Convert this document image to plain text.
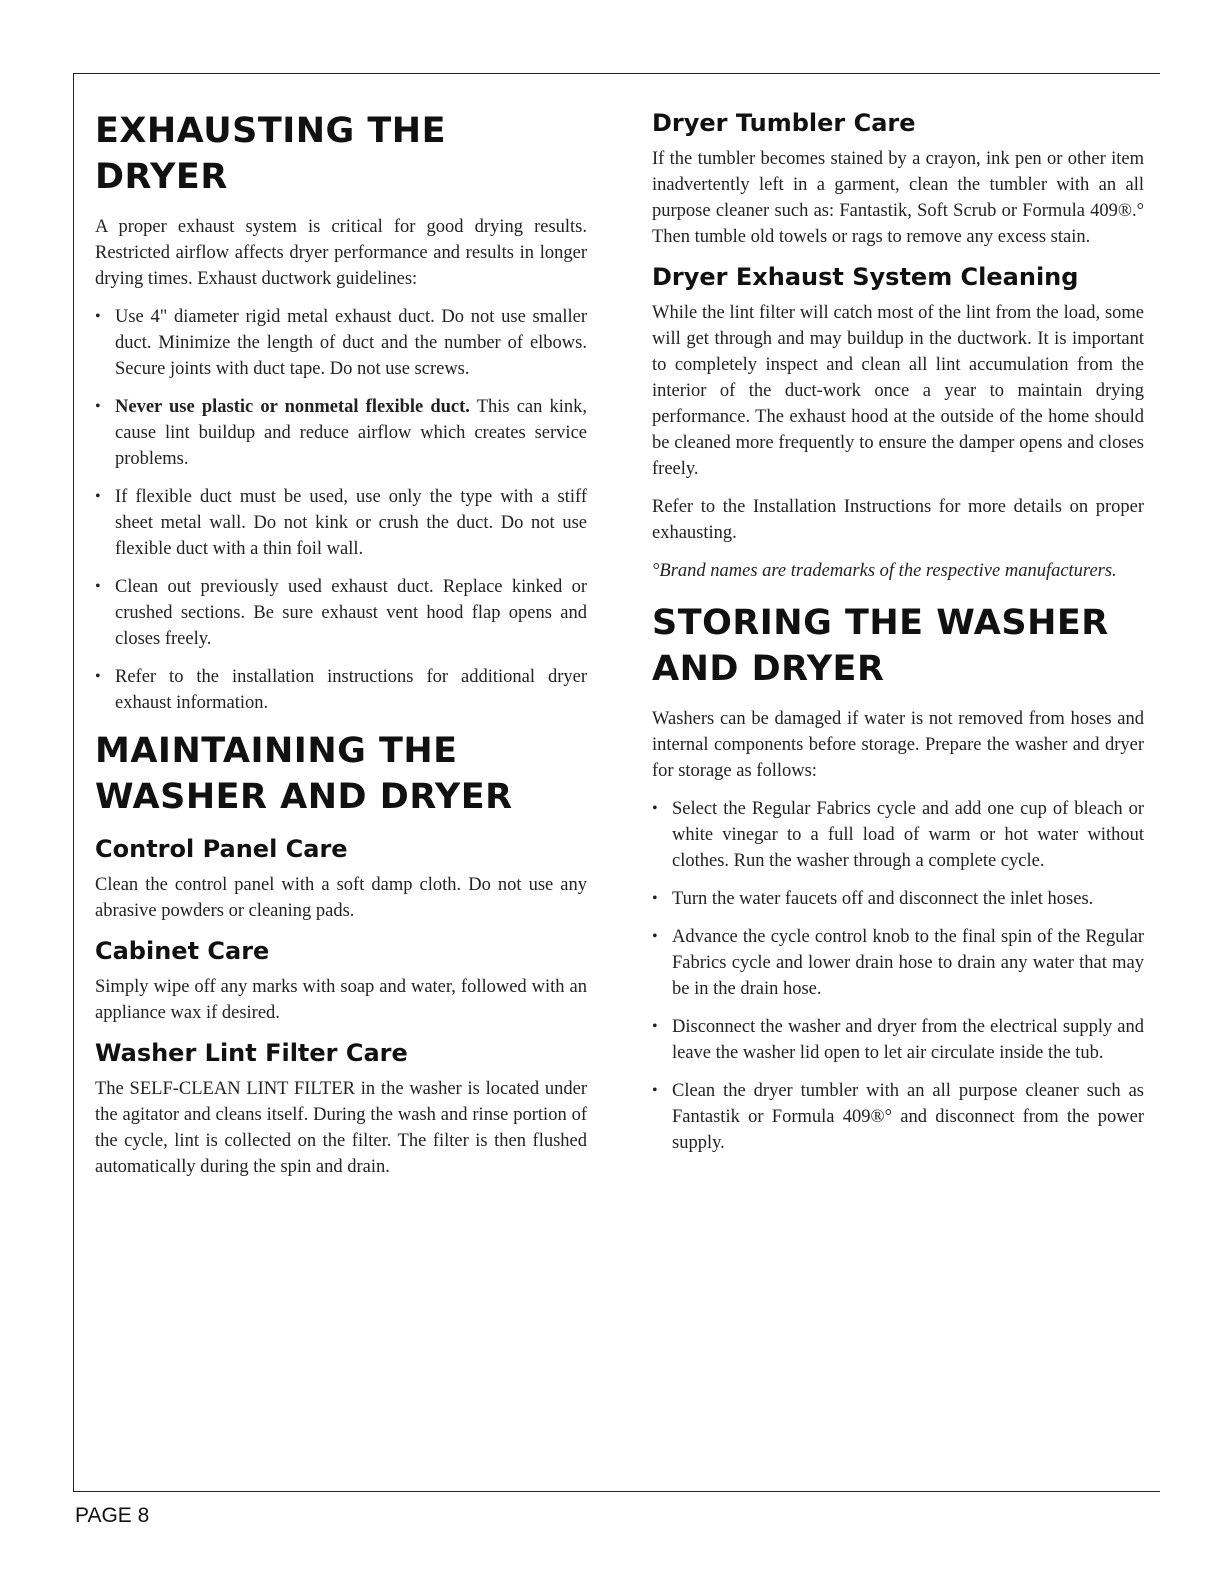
EXHAUSTING THE
DRYER

A proper exhaust system is critical for good drying results. Restricted airflow affects dryer performance and results in longer drying times. Exhaust ductwork guidelines:

• Use 4" diameter rigid metal exhaust duct. Do not use smaller duct. Minimize the length of duct and the number of elbows. Secure joints with duct tape. Do not use screws.
• Never use plastic or nonmetal flexible duct. This can kink, cause lint buildup and reduce airflow which creates service problems.
• If flexible duct must be used, use only the type with a stiff sheet metal wall. Do not kink or crush the duct. Do not use flexible duct with a thin foil wall.
• Clean out previously used exhaust duct. Replace kinked or crushed sections. Be sure exhaust vent hood flap opens and closes freely.
• Refer to the installation instructions for additional dryer exhaust information.
MAINTAINING THE
WASHER AND DRYER
Control Panel Care

Clean the control panel with a soft damp cloth. Do not use any abrasive powders or cleaning pads.

Cabinet Care

Simply wipe off any marks with soap and water, followed with an appliance wax if desired.

Washer Lint Filter Care

The SELF-CLEAN LINT FILTER in the washer is located under the agitator and cleans itself. During the wash and rinse portion of the cycle, lint is collected on the filter. The filter is then flushed automatically during the spin and drain.

Dryer Tumbler Care

If the tumbler becomes stained by a crayon, ink pen or other item inadvertently left in a garment, clean the tumbler with an all purpose cleaner such as: Fantastik, Soft Scrub or Formula 409®.° Then tumble old towels or rags to remove any excess stain.

Dryer Exhaust System Cleaning

While the lint filter will catch most of the lint from the load, some will get through and may buildup in the ductwork. It is important to completely inspect and clean all lint accumulation from the interior of the duct-work once a year to maintain drying performance. The exhaust hood at the outside of the home should be cleaned more frequently to ensure the damper opens and closes freely.

Refer to the Installation Instructions for more details on proper exhausting.

°Brand names are trademarks of the respective manufacturers.

STORING THE WASHER
AND DRYER

Washers can be damaged if water is not removed from hoses and internal components before storage. Prepare the washer and dryer for storage as follows:

• Select the Regular Fabrics cycle and add one cup of bleach or white vinegar to a full load of warm or hot water without clothes. Run the washer through a complete cycle.
• Turn the water faucets off and disconnect the inlet hoses.
• Advance the cycle control knob to the final spin of the Regular Fabrics cycle and lower drain hose to drain any water that may be in the drain hose.
• Disconnect the washer and dryer from the electrical supply and leave the washer lid open to let air circulate inside the tub.
• Clean the dryer tumbler with an all purpose cleaner such as Fantastik or Formula 409®° and disconnect from the power supply.
PAGE 8
